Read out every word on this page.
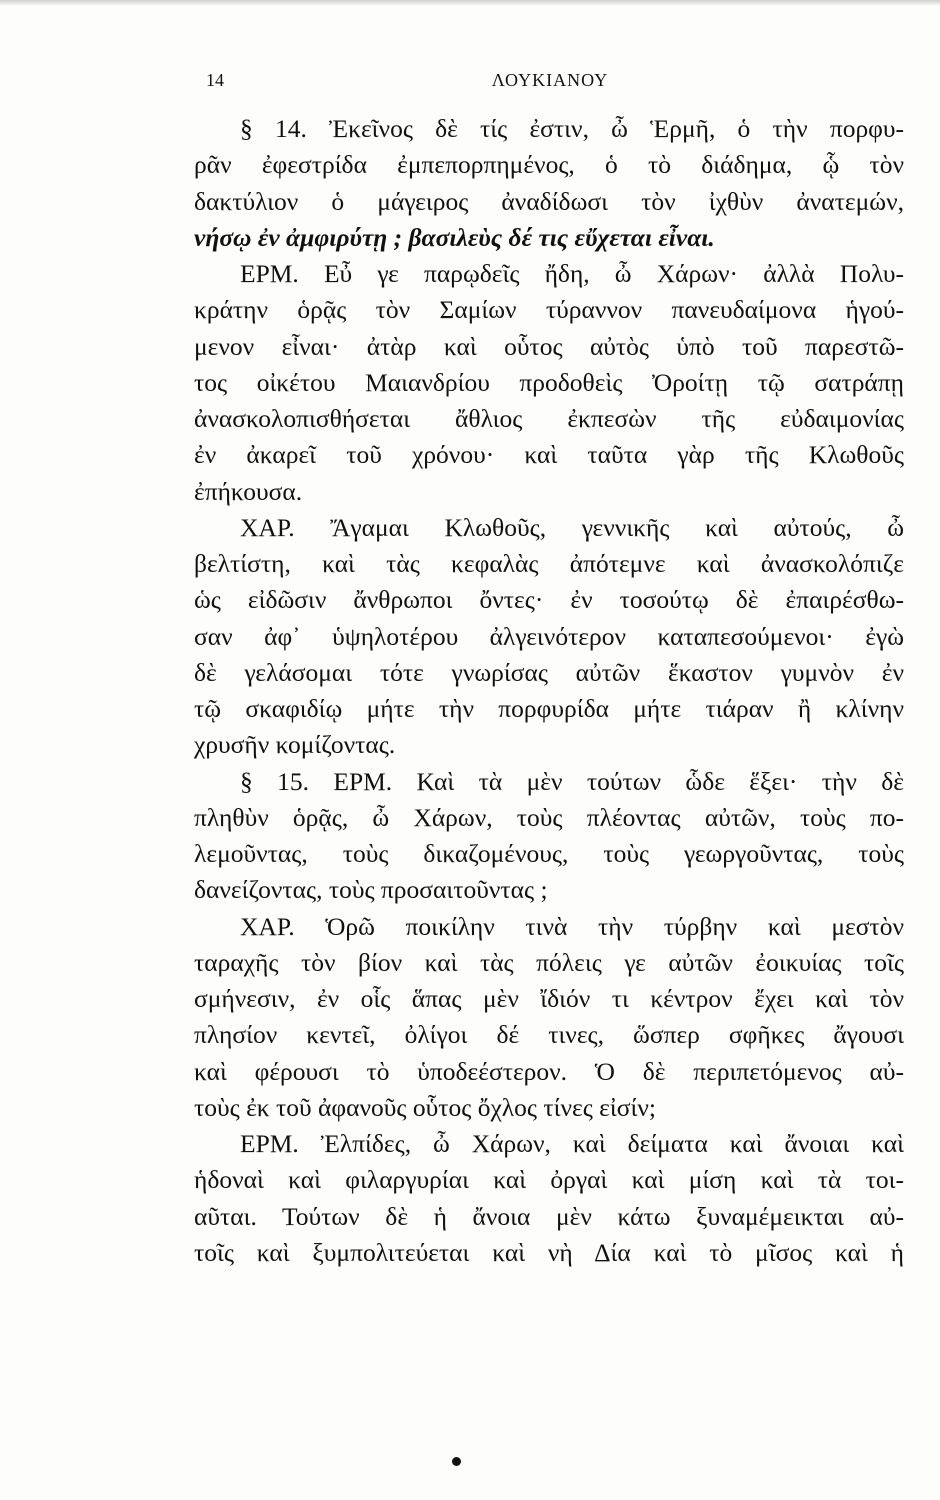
14	ΛΟΥΚΙΑΝΟΥ
§ 14. Ἐκεῖνος δὲ τίς ἐστιν, ὦ Ἑρμῆ, ὁ τὴν πορφυ-
ρᾶν ἐφεστρίδα ἐμπεπορπημένος, ὁ τὸ διάδημα, ᾧ τὸν
δακτύλιον ὁ μάγειρος ἀναδίδωσι τὸν ἰχθὺν ἀνατεμών,
νήσῳ ἐν ἀμφιρύτῃ ; βασιλεὺς δέ τις εὔχεται εἶναι.
ΕΡΜ. Εὖ γε παρῳδεῖς ἤδη, ὦ Χάρων· ἀλλὰ Πολυ-
κράτην ὁρᾷς τὸν Σαμίων τύραννον πανευδαίμονα ἡγού-
μενον εἶναι· ἀτὰρ καὶ οὗτος αὐτὸς ὑπὸ τοῦ παρεστῶ-
τος οἰκέτου Μαιανδρίου προδοθεὶς Ὀροίτῃ τῷ σατράπῃ
ἀνασκολοπισθήσεται ἄθλιος ἐκπεσὼν τῆς εὐδαιμονίας
ἐν ἀκαρεῖ τοῦ χρόνου· καὶ ταῦτα γὰρ τῆς Κλωθοῦς
ἐπήκουσα.
ΧΑΡ. Ἄγαμαι Κλωθοῦς, γεννικῆς καὶ αὐτούς, ὦ
βελτίστη, καὶ τὰς κεφαλὰς ἀπότεμνε καὶ ἀνασκολόπιζε
ὡς εἰδῶσιν ἄνθρωποι ὄντες· ἐν τοσούτῳ δὲ ἐπαιρέσθω-
σαν ἀφ᾽ ὑψηλοτέρου ἀλγεινότερον καταπεσούμενοι· ἐγὼ
δὲ γελάσομαι τότε γνωρίσας αὐτῶν ἕκαστον γυμνὸν ἐν
τῷ σκαφιδίῳ μήτε τὴν πορφυρίδα μήτε τιάραν ἢ κλίνην
χρυσῆν κομίζοντας.
§ 15. ΕΡΜ. Καὶ τὰ μὲν τούτων ὧδε ἕξει· τὴν δὲ
πληθὺν ὁρᾷς, ὦ Χάρων, τοὺς πλέοντας αὐτῶν, τοὺς πο-
λεμοῦντας, τοὺς δικαζομένους, τοὺς γεωργοῦντας, τοὺς
δανείζοντας, τοὺς προσαιτοῦντας ;
ΧΑΡ. Ὁρῶ ποικίλην τινὰ τὴν τύρβην καὶ μεστὸν
ταραχῆς τὸν βίον καὶ τὰς πόλεις γε αὐτῶν ἐοικυίας τοῖς
σμήνεσιν, ἐν οἷς ἅπας μὲν ἴδιόν τι κέντρον ἔχει καὶ τὸν
πλησίον κεντεῖ, ὀλίγοι δέ τινες, ὥσπερ σφῆκες ἄγουσι
καὶ φέρουσι τὸ ὑποδεέστερον. Ὁ δὲ περιπετόμενος αὐ-
τοὺς ἐκ τοῦ ἀφανοῦς οὗτος ὄχλος τίνες εἰσίν;
ΕΡΜ. Ἐλπίδες, ὦ Χάρων, καὶ δείματα καὶ ἄνοιαι καὶ
ἡδοναὶ καὶ φιλαργυρίαι καὶ ὀργαὶ καὶ μίση καὶ τὰ τοι-
αῦται. Τούτων δὲ ἡ ἄνοια μὲν κάτω ξυναμέμεικται αὐ-
τοῖς καὶ ξυμπολιτεύεται καὶ νὴ Δία καὶ τὸ μῖσος καὶ ἡ
